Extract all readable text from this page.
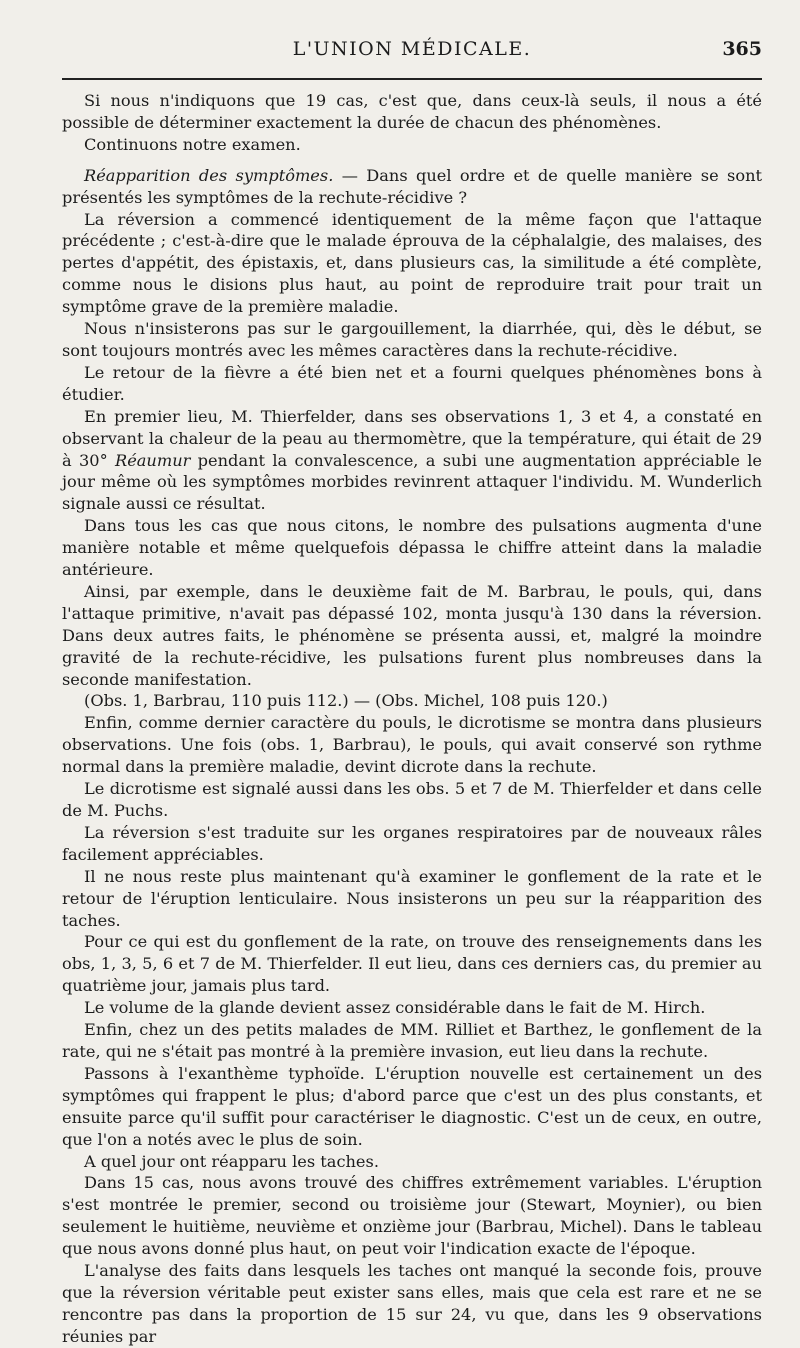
L'UNION MÉDICALE.	365

Si nous n'indiquons que 19 cas, c'est que, dans ceux-là seuls, il nous a été possible de déterminer exactement la durée de chacun des phénomènes.

Continuons notre examen.

Réapparition des symptômes. — Dans quel ordre et de quelle manière se sont présentés les symptômes de la rechute-récidive ?

La réversion a commencé identiquement de la même façon que l'attaque précédente ; c'est-à-dire que le malade éprouva de la céphalalgie, des malaises, des pertes d'appétit, des épistaxis, et, dans plusieurs cas, la similitude a été complète, comme nous le disions plus haut, au point de reproduire trait pour trait un symptôme grave de la première maladie.

Nous n'insisterons pas sur le gargouillement, la diarrhée, qui, dès le début, se sont toujours montrés avec les mêmes caractères dans la rechute-récidive.

Le retour de la fièvre a été bien net et a fourni quelques phénomènes bons à étudier.

En premier lieu, M. Thierfelder, dans ses observations 1, 3 et 4, a constaté en observant la chaleur de la peau au thermomètre, que la température, qui était de 29 à 30° Réaumur pendant la convalescence, a subi une augmentation appréciable le jour même où les symptômes morbides revinrent attaquer l'individu. M. Wunderlich signale aussi ce résultat.

Dans tous les cas que nous citons, le nombre des pulsations augmenta d'une manière notable et même quelquefois dépassa le chiffre atteint dans la maladie antérieure.

Ainsi, par exemple, dans le deuxième fait de M. Barbrau, le pouls, qui, dans l'attaque primitive, n'avait pas dépassé 102, monta jusqu'à 130 dans la réversion. Dans deux autres faits, le phénomène se présenta aussi, et, malgré la moindre gravité de la rechute-récidive, les pulsations furent plus nombreuses dans la seconde manifestation.

(Obs. 1, Barbrau, 110 puis 112.) — (Obs. Michel, 108 puis 120.)

Enfin, comme dernier caractère du pouls, le dicrotisme se montra dans plusieurs observations. Une fois (obs. 1, Barbrau), le pouls, qui avait conservé son rythme normal dans la première maladie, devint dicrote dans la rechute.

Le dicrotisme est signalé aussi dans les obs. 5 et 7 de M. Thierfelder et dans celle de M. Puchs.

La réversion s'est traduite sur les organes respiratoires par de nouveaux râles facilement appréciables.

Il ne nous reste plus maintenant qu'à examiner le gonflement de la rate et le retour de l'éruption lenticulaire. Nous insisterons un peu sur la réapparition des taches.

Pour ce qui est du gonflement de la rate, on trouve des renseignements dans les obs, 1, 3, 5, 6 et 7 de M. Thierfelder. Il eut lieu, dans ces derniers cas, du premier au quatrième jour, jamais plus tard.

Le volume de la glande devient assez considérable dans le fait de M. Hirch.

Enfin, chez un des petits malades de MM. Rilliet et Barthez, le gonflement de la rate, qui ne s'était pas montré à la première invasion, eut lieu dans la rechute.

Passons à l'exanthème typhoïde. L'éruption nouvelle est certainement un des symptômes qui frappent le plus; d'abord parce que c'est un des plus constants, et ensuite parce qu'il suffit pour caractériser le diagnostic. C'est un de ceux, en outre, que l'on a notés avec le plus de soin.

A quel jour ont réapparu les taches.

Dans 15 cas, nous avons trouvé des chiffres extrêmement variables. L'éruption s'est montrée le premier, second ou troisième jour (Stewart, Moynier), ou bien seulement le huitième, neuvième et onzième jour (Barbrau, Michel). Dans le tableau que nous avons donné plus haut, on peut voir l'indication exacte de l'époque.

L'analyse des faits dans lesquels les taches ont manqué la seconde fois, prouve que la réversion véritable peut exister sans elles, mais que cela est rare et ne se rencontre pas dans la proportion de 15 sur 24, vu que, dans les 9 observations réunies par
